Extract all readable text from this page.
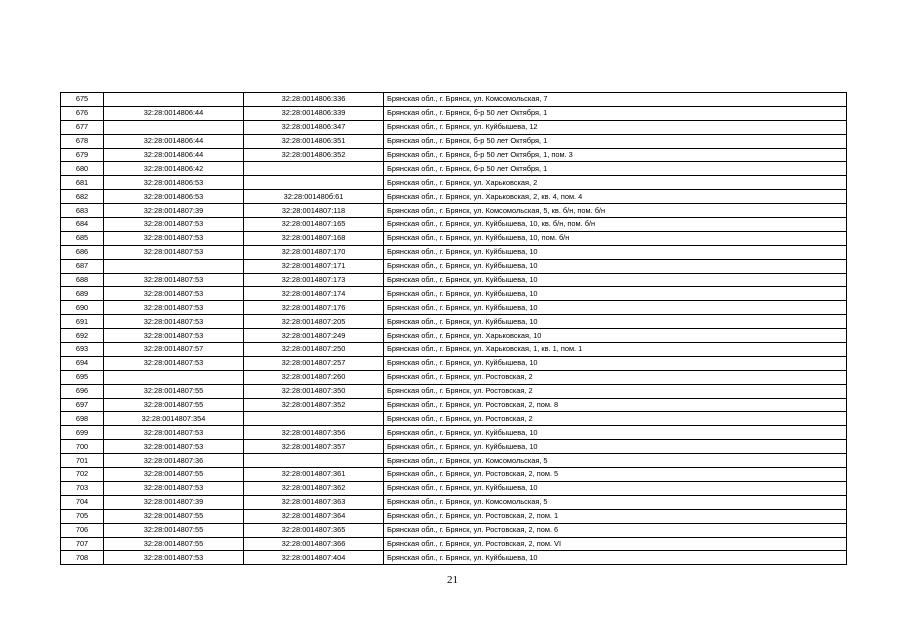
675		32:28:0014806:336	Брянская обл., г. Брянск, ул. Комсомольская, 7
676	32:28:0014806:44	32:28:0014806:339	Брянская обл., г. Брянск, б-р 50 лет Октября, 1
677		32:28:0014806:347	Брянская обл., г. Брянск, ул. Куйбышева, 12
678	32:28:0014806:44	32:28:0014806:351	Брянская обл., г. Брянск, б-р 50 лет Октября, 1
679	32:28:0014806:44	32:28:0014806:352	Брянская обл., г. Брянск, б-р 50 лет Октября, 1, пом. 3
680	32:28:0014806:42		Брянская обл., г. Брянск, б-р 50 лет Октября, 1
681	32:28:0014806:53		Брянская обл., г. Брянск, ул. Харьковская, 2
682	32:28:0014806:53	32:28:001480б:61	Брянская обл., г. Брянск, ул. Харьковская, 2, кв. 4, пом. 4
683	32:28:0014807:39	32:28:0014807:118	Брянская обл., г. Брянск, ул. Комсомольская, 5, кв. б/н, пом. б/н
684	32:28:0014807:53	32:28:0014807:165	Брянская обл., г. Брянск, ул. Куйбышева, 10, кв. б/н, пом. б/н
685	32:28:0014807:53	32:28:0014807:168	Брянская обл., г. Брянск, ул. Куйбышева, 10, пом. б/н
686	32:28:0014807:53	32:28:0014807:170	Брянская обл., г. Брянск, ул. Куйбышева, 10
687		32:28:0014807:171	Брянская обл., г. Брянск, ул. Куйбышева, 10
688	32:28:0014807:53	32:28:0014807:173	Брянская обл., г. Брянск, ул. Куйбышева, 10
689	32:28:0014807:53	32:28:0014807:174	Брянская обл., г. Брянск, ул. Куйбышева, 10
690	32:28:0014807:53	32:28:0014807:176	Брянская обл., г. Брянск, ул. Куйбышева, 10
691	32:28:0014807:53	32:28:0014807:205	Брянская обл., г. Брянск, ул. Куйбышева, 10
692	32:28:0014807:53	32:28:0014807:249	Брянская обл., г. Брянск, ул. Харьковская, 10
693	32:28:0014807:57	32:28:0014807:250	Брянская обл., г. Брянск, ул. Харьковская, 1, кв. 1, пом. 1
694	32:28:0014807:53	32:28:0014807:257	Брянская обл., г. Брянск, ул. Куйбышева, 10
695		32:28:0014807:260	Брянская обл., г. Брянск, ул. Ростовская, 2
696	32:28:0014807:55	32:28:0014807:350	Брянская обл., г. Брянск, ул. Ростовская, 2
697	32:28:0014807:55	32:28:0014807:352	Брянская обл., г. Брянск, ул. Ростовская, 2, пом. 8
698	32:28:0014807:354		Брянская обл., г. Брянск, ул. Ростовская, 2
699	32:28:0014807:53	32:28:0014807:356	Брянская обл., г. Брянск, ул. Куйбышева, 10
700	32:28:0014807:53	32:28:0014807:357	Брянская обл., г. Брянск, ул. Куйбышева, 10
701	32:28:0014807:36		Брянская обл., г. Брянск, ул. Комсомольская, 5
702	32:28:0014807:55	32:28:0014807:361	Брянская обл., г. Брянск, ул. Ростовская, 2, пом. 5
703	32:28:0014807:53	32:28:0014807:362	Брянская обл., г. Брянск, ул. Куйбышева, 10
704	32:28:0014807:39	32:28:0014807:363	Брянская обл., г. Брянск, ул. Комсомольская, 5
705	32:28:0014807:55	32:28:0014807:364	Брянская обл., г. Брянск, ул. Ростовская, 2, пом. 1
706	32:28:0014807:55	32:28:0014807:365	Брянская обл., г. Брянск, ул. Ростовская, 2, пом. 6
707	32:28:0014807:55	32:28:0014807:366	Брянская обл., г. Брянск, ул. Ростовская, 2, пом. VI
708	32:28:0014807:53	32:28:0014807:404	Брянская обл., г. Брянск, ул. Куйбышева, 10
21
